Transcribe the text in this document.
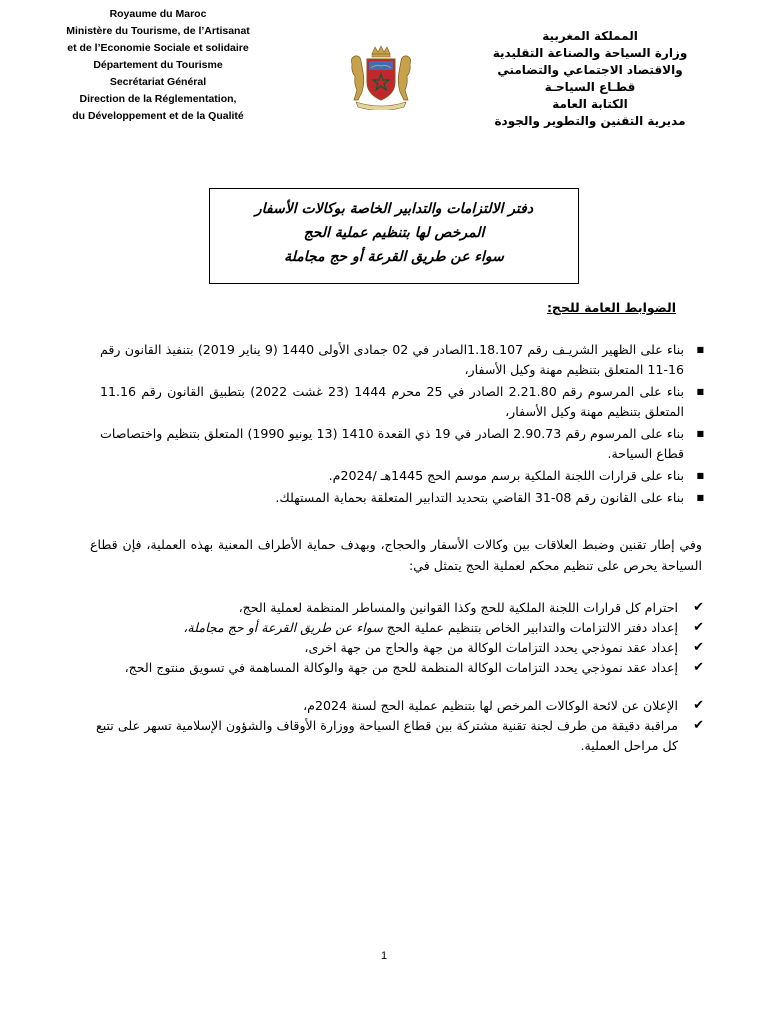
Royaume du Maroc
Ministère du Tourisme, de l’Artisanat
et de l’Economie Sociale et solidaire
Département du Tourisme
Secrétariat Général
Direction de la Réglementation,
du Développement et de la Qualité
المملكة المغربية
وزارة السياحة والصناعة التقليدية
والاقتصاد الاجتماعي والتضامني
قطـاع السياحـة
الكتابة العامة
مديرية التقنين والتطوير والجودة
دفتر الالتزامات والتدابير الخاصة بوكالات الأسفار
المرخص لها بتنظيم عملية الحج
سواء عن طريق القرعة أو حج مجاملة
الضوابط العامة للحج:
■
بناء على الظهير الشريـف رقم 1.18.107الصادر في 02 جمادى الأولى 1440 (9 يناير 2019) بتنفيذ القانون رقم 16-11 المتعلق بتنظيم مهنة وكيل الأسفار،
■
بناء على المرسوم رقم 2.21.80 الصادر في 25 محرم 1444 (23 غشت 2022) بتطبيق القانون رقم 11.16 المتعلق بتنظيم مهنة وكيل الأسفار،
■
بناء على المرسوم رقم 2.90.73 الصادر في 19 ذي القعدة 1410 (13 يونيو 1990) المتعلق بتنظيم واختصاصات قطاع السياحة.
■
بناء على قرارات اللجنة الملكية برسم موسم الحج 1445هـ /2024م.
■
بناء على القانون رقم 08-31 القاضي بتحديد التدابير المتعلقة بحماية المستهلك.
وفي إطار تقنين وضبط العلاقات بين وكالات الأسفار والحجاج، وبهدف حماية الأطراف المعنية بهذه العملية، فإن قطاع السياحة يحرص على تنظيم محكم لعملية الحج يتمثل في:
✔
احترام كل قرارات اللجنة الملكية للحج وكذا القوانين والمساطر المنظمة لعملية الحج،
✔
إعداد دفتر الالتزامات والتدابير الخاص بتنظيم عملية الحج سواء عن طريق القرعة أو حج مجاملة،
✔
إعداد عقد نموذجي يحدد التزامات الوكالة من جهة والحاج من جهة اخرى،
✔
إعداد عقد نموذجي يحدد التزامات الوكالة المنظمة للحج من جهة والوكالة المساهمة في تسويق منتوج الحج،
✔
الإعلان عن لائحة الوكالات المرخص لها بتنظيم عملية الحج لسنة 2024م،
✔
مراقبة دقيقة من طرف لجنة تقنية مشتركة بين قطاع السياحة ووزارة الأوقاف والشؤون الإسلامية تسهر على تتبع كل مراحل العملية.
1
